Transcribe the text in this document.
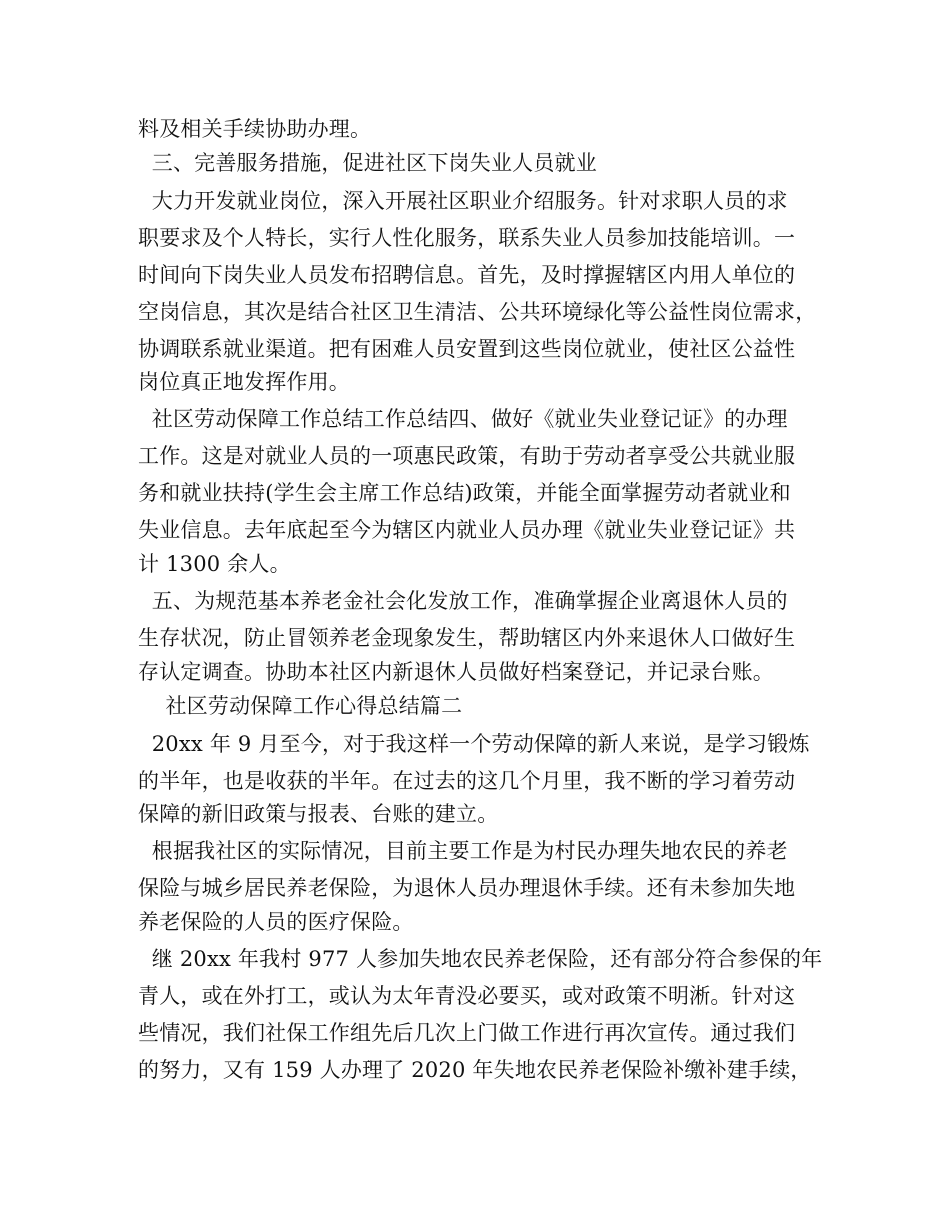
料及相关手续协助办理。
三、完善服务措施，促进社区下岗失业人员就业
大力开发就业岗位，深入开展社区职业介绍服务。针对求职人员的求
职要求及个人特长，实行人性化服务，联系失业人员参加技能培训。一
时间向下岗失业人员发布招聘信息。首先，及时撑握辖区内用人单位的
空岗信息，其次是结合社区卫生清洁、公共环境绿化等公益性岗位需求，
协调联系就业渠道。把有困难人员安置到这些岗位就业，使社区公益性
岗位真正地发挥作用。
社区劳动保障工作总结工作总结四、做好《就业失业登记证》的办理
工作。这是对就业人员的一项惠民政策，有助于劳动者享受公共就业服
务和就业扶持(学生会主席工作总结)政策，并能全面掌握劳动者就业和
失业信息。去年底起至今为辖区内就业人员办理《就业失业登记证》共
计 1300 余人。
五、为规范基本养老金社会化发放工作，准确掌握企业离退休人员的
生存状况，防止冒领养老金现象发生，帮助辖区内外来退休人口做好生
存认定调查。协助本社区内新退休人员做好档案登记，并记录台账。
社区劳动保障工作心得总结篇二
20xx 年 9 月至今，对于我这样一个劳动保障的新人来说，是学习锻炼
的半年，也是收获的半年。在过去的这几个月里，我不断的学习着劳动
保障的新旧政策与报表、台账的建立。
根据我社区的实际情况，目前主要工作是为村民办理失地农民的养老
保险与城乡居民养老保险，为退休人员办理退休手续。还有未参加失地
养老保险的人员的医疗保险。
继 20xx 年我村 977 人参加失地农民养老保险，还有部分符合参保的年
青人，或在外打工，或认为太年青没必要买，或对政策不明淅。针对这
些情况，我们社保工作组先后几次上门做工作进行再次宣传。通过我们
的努力，又有 159 人办理了 2020 年失地农民养老保险补缴补建手续，
